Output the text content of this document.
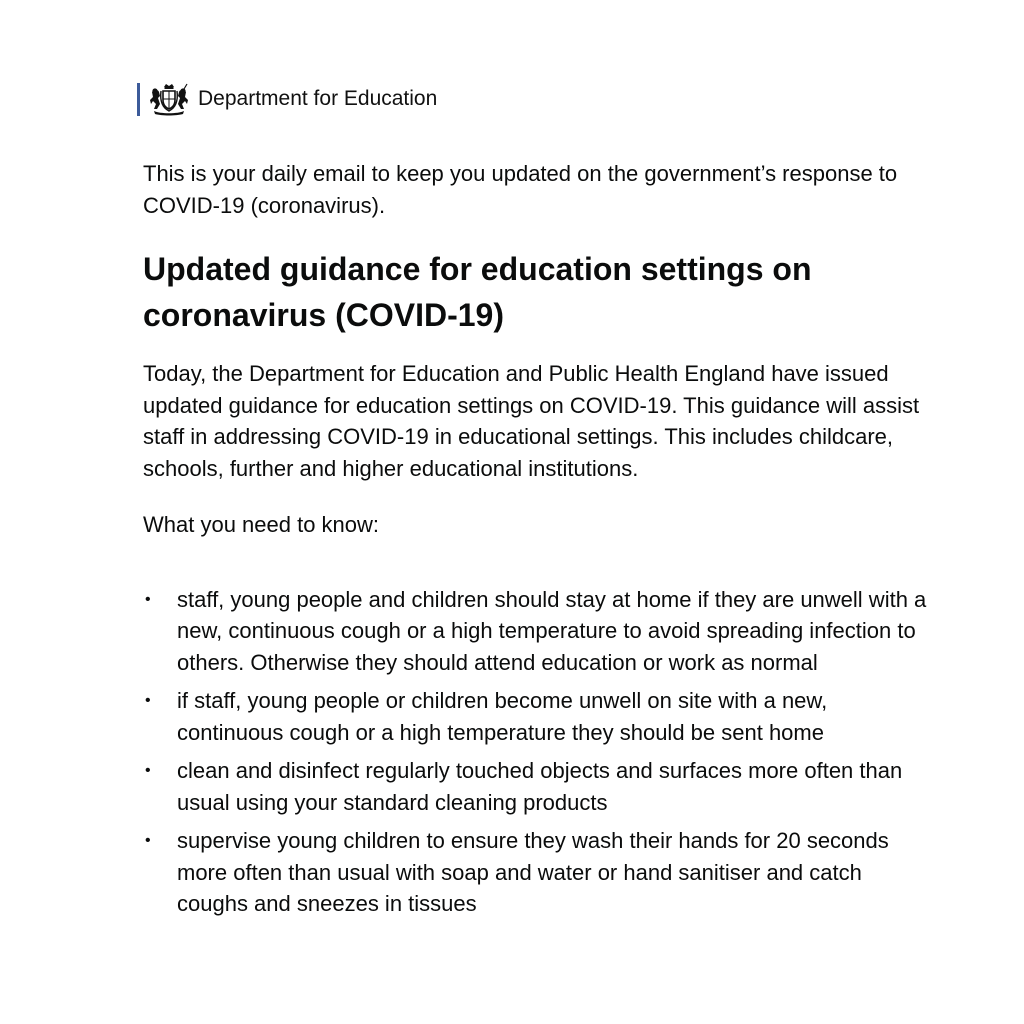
Department for Education

This is your daily email to keep you updated on the government’s response to COVID-19 (coronavirus).

Updated guidance for education settings on coronavirus (COVID-19)

Today, the Department for Education and Public Health England have issued updated guidance for education settings on COVID-19. This guidance will assist staff in addressing COVID-19 in educational settings. This includes childcare, schools, further and higher educational institutions.

What you need to know:

• staff, young people and children should stay at home if they are unwell with a new, continuous cough or a high temperature to avoid spreading infection to others. Otherwise they should attend education or work as normal
• if staff, young people or children become unwell on site with a new, continuous cough or a high temperature they should be sent home
• clean and disinfect regularly touched objects and surfaces more often than usual using your standard cleaning products
• supervise young children to ensure they wash their hands for 20 seconds more often than usual with soap and water or hand sanitiser and catch coughs and sneezes in tissues
